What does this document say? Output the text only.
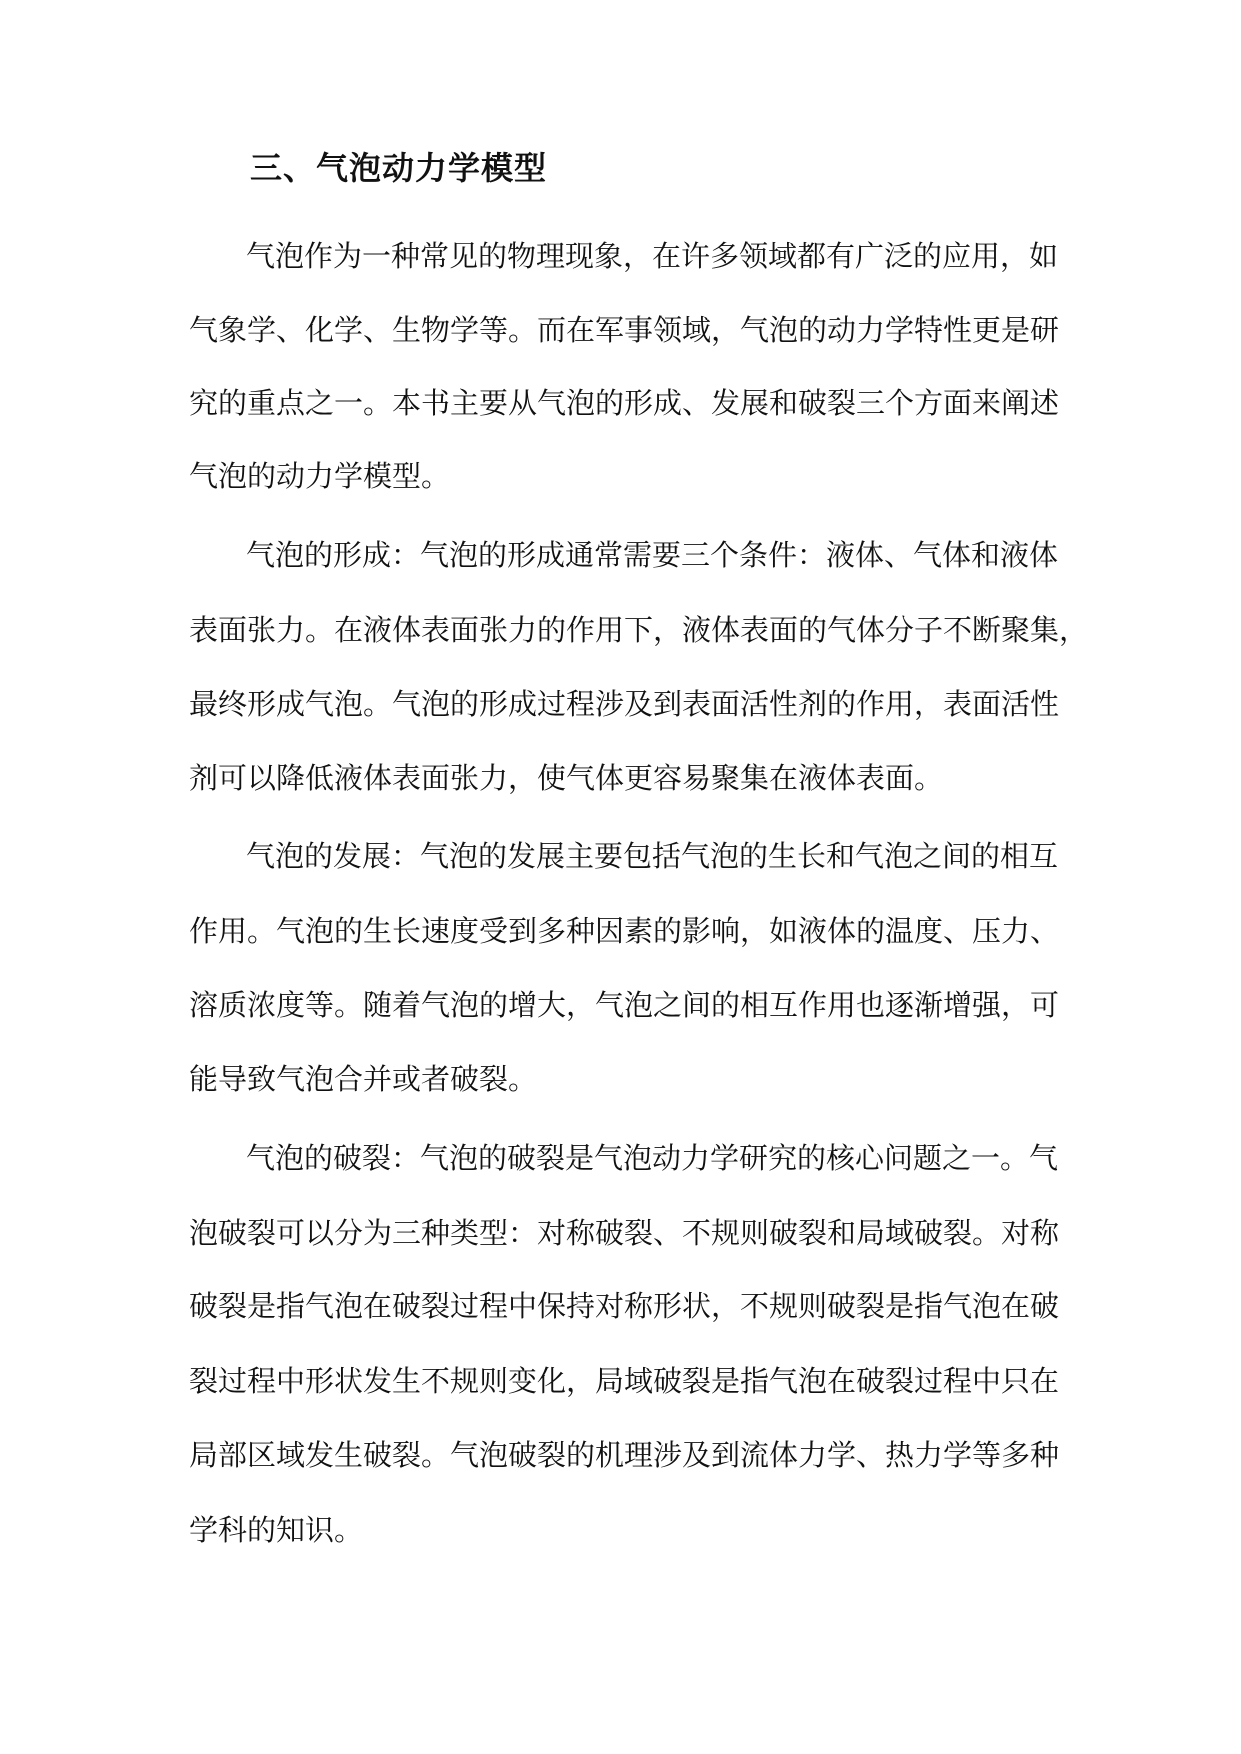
三、气泡动力学模型
气泡作为一种常见的物理现象，在许多领域都有广泛的应用，如
气象学、化学、生物学等。而在军事领域，气泡的动力学特性更是研
究的重点之一。本书主要从气泡的形成、发展和破裂三个方面来阐述
气泡的动力学模型。
气泡的形成：气泡的形成通常需要三个条件：液体、气体和液体
表面张力。在液体表面张力的作用下，液体表面的气体分子不断聚集，
最终形成气泡。气泡的形成过程涉及到表面活性剂的作用，表面活性
剂可以降低液体表面张力，使气体更容易聚集在液体表面。
气泡的发展：气泡的发展主要包括气泡的生长和气泡之间的相互
作用。气泡的生长速度受到多种因素的影响，如液体的温度、压力、
溶质浓度等。随着气泡的增大，气泡之间的相互作用也逐渐增强，可
能导致气泡合并或者破裂。
气泡的破裂：气泡的破裂是气泡动力学研究的核心问题之一。气
泡破裂可以分为三种类型：对称破裂、不规则破裂和局域破裂。对称
破裂是指气泡在破裂过程中保持对称形状，不规则破裂是指气泡在破
裂过程中形状发生不规则变化，局域破裂是指气泡在破裂过程中只在
局部区域发生破裂。气泡破裂的机理涉及到流体力学、热力学等多种
学科的知识。
